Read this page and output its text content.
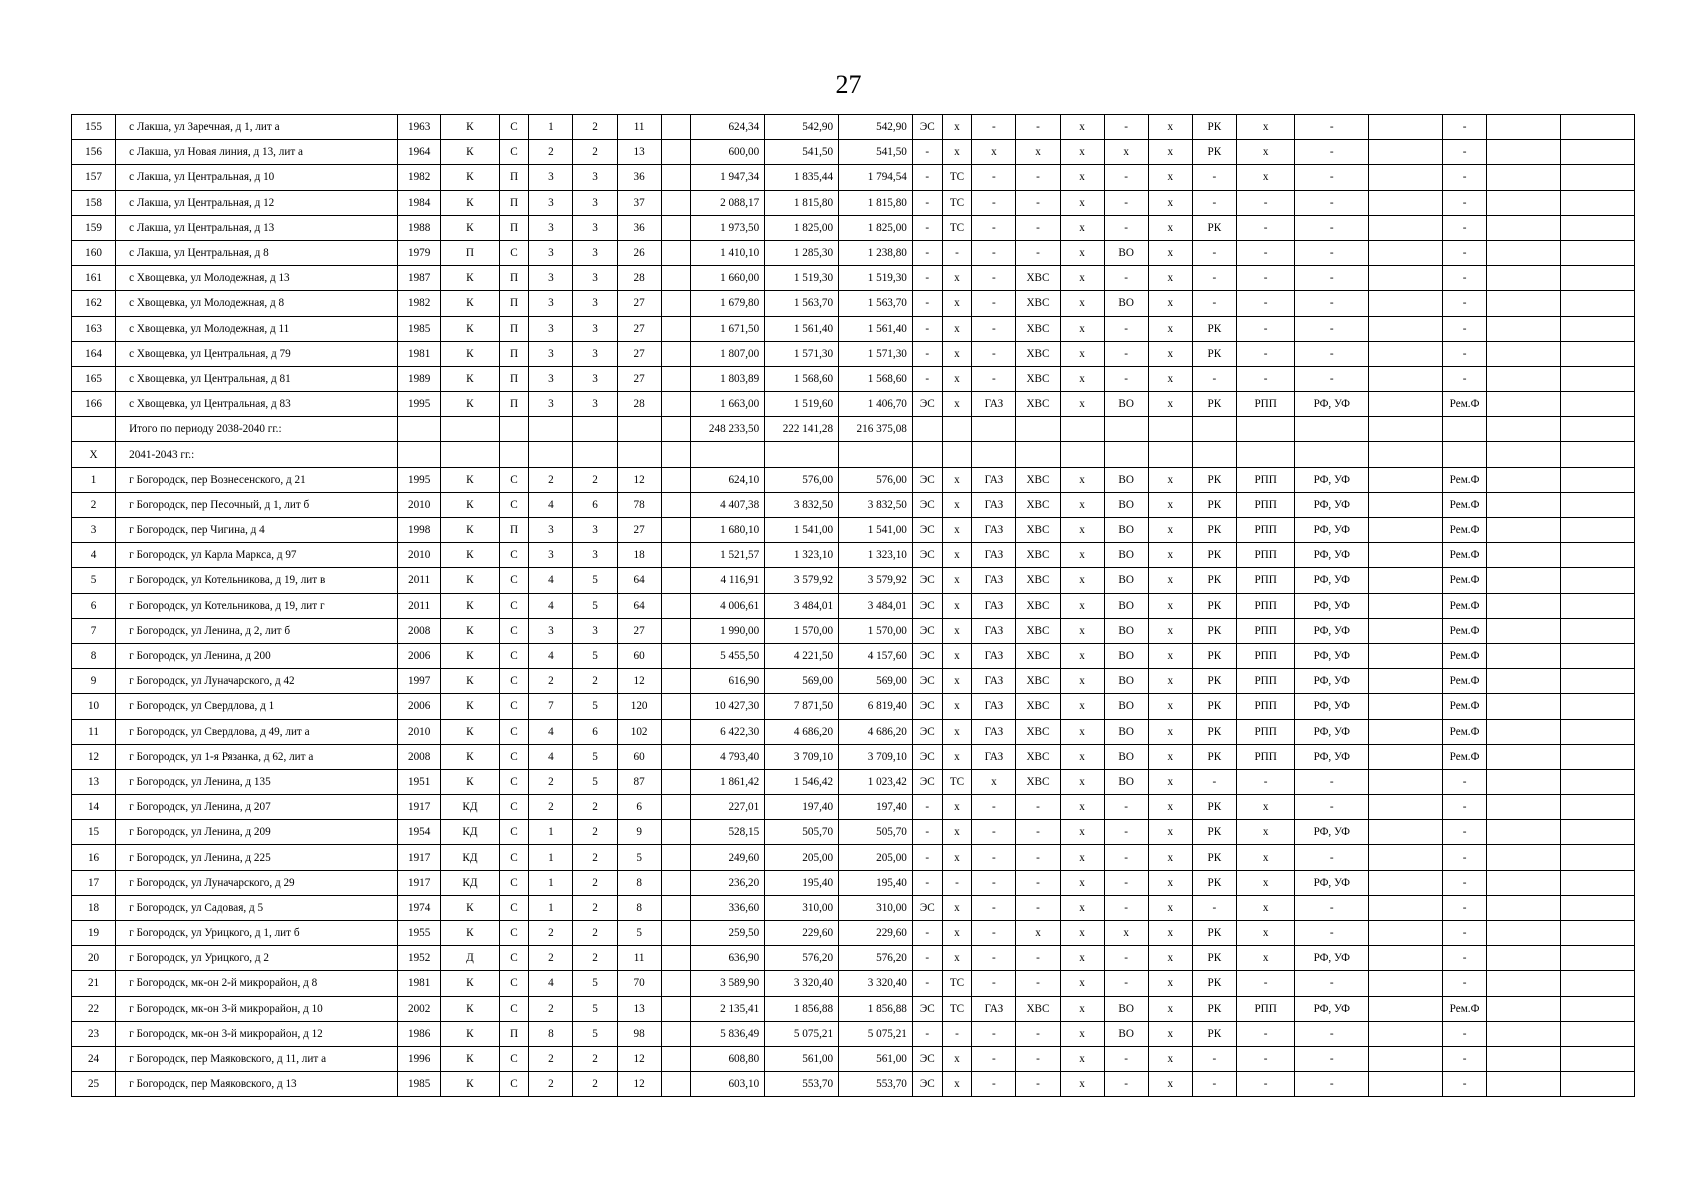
27
155	с Лакша, ул Заречная, д 1, лит а	1963	К	С	1	2	11		624,34	542,90	542,90	ЭС	х	-	-	х	-	х	РК	х	-		-		
156	с Лакша, ул Новая линия, д 13, лит а	1964	К	С	2	2	13		600,00	541,50	541,50	-	х	х	х	х	х	х	РК	х	-		-		
157	с Лакша, ул Центральная, д 10	1982	К	П	3	3	36		1 947,34	1 835,44	1 794,54	-	ТС	-	-	х	-	х	-	х	-		-		
158	с Лакша, ул Центральная, д 12	1984	К	П	3	3	37		2 088,17	1 815,80	1 815,80	-	ТС	-	-	х	-	х	-	-	-		-		
159	с Лакша, ул Центральная, д 13	1988	К	П	3	3	36		1 973,50	1 825,00	1 825,00	-	ТС	-	-	х	-	х	РК	-	-		-		
160	с Лакша, ул Центральная, д 8	1979	П	С	3	3	26		1 410,10	1 285,30	1 238,80	-	-	-	-	х	ВО	х	-	-	-		-		
161	с Хвощевка, ул Молодежная, д 13	1987	К	П	3	3	28		1 660,00	1 519,30	1 519,30	-	х	-	ХВС	х	-	х	-	-	-		-		
162	с Хвощевка, ул Молодежная, д 8	1982	К	П	3	3	27		1 679,80	1 563,70	1 563,70	-	х	-	ХВС	х	ВО	х	-	-	-		-		
163	с Хвощевка, ул Молодежная, д 11	1985	К	П	3	3	27		1 671,50	1 561,40	1 561,40	-	х	-	ХВС	х	-	х	РК	-	-		-		
164	с Хвощевка, ул Центральная, д 79	1981	К	П	3	3	27		1 807,00	1 571,30	1 571,30	-	х	-	ХВС	х	-	х	РК	-	-		-		
165	с Хвощевка, ул Центральная, д 81	1989	К	П	3	3	27		1 803,89	1 568,60	1 568,60	-	х	-	ХВС	х	-	х	-	-	-		-		
166	с Хвощевка, ул Центральная, д 83	1995	К	П	3	3	28		1 663,00	1 519,60	1 406,70	ЭС	х	ГАЗ	ХВС	х	ВО	х	РК	РПП	РФ, УФ		Рем.Ф		
	Итого по периоду 2038-2040 гг.:								248 233,50	222 141,28	216 375,08														
Х	2041-2043 гг.:																								
1	г Богородск, пер Вознесенского, д 21	1995	К	С	2	2	12		624,10	576,00	576,00	ЭС	х	ГАЗ	ХВС	х	ВО	х	РК	РПП	РФ, УФ		Рем.Ф		
2	г Богородск, пер Песочный, д 1, лит б	2010	К	С	4	6	78		4 407,38	3 832,50	3 832,50	ЭС	х	ГАЗ	ХВС	х	ВО	х	РК	РПП	РФ, УФ		Рем.Ф		
3	г Богородск, пер Чигина, д 4	1998	К	П	3	3	27		1 680,10	1 541,00	1 541,00	ЭС	х	ГАЗ	ХВС	х	ВО	х	РК	РПП	РФ, УФ		Рем.Ф		
4	г Богородск, ул Карла Маркса, д 97	2010	К	С	3	3	18		1 521,57	1 323,10	1 323,10	ЭС	х	ГАЗ	ХВС	х	ВО	х	РК	РПП	РФ, УФ		Рем.Ф		
5	г Богородск, ул Котельникова, д 19, лит в	2011	К	С	4	5	64		4 116,91	3 579,92	3 579,92	ЭС	х	ГАЗ	ХВС	х	ВО	х	РК	РПП	РФ, УФ		Рем.Ф		
6	г Богородск, ул Котельникова, д 19, лит г	2011	К	С	4	5	64		4 006,61	3 484,01	3 484,01	ЭС	х	ГАЗ	ХВС	х	ВО	х	РК	РПП	РФ, УФ		Рем.Ф		
7	г Богородск, ул Ленина, д 2, лит б	2008	К	С	3	3	27		1 990,00	1 570,00	1 570,00	ЭС	х	ГАЗ	ХВС	х	ВО	х	РК	РПП	РФ, УФ		Рем.Ф		
8	г Богородск, ул Ленина, д 200	2006	К	С	4	5	60		5 455,50	4 221,50	4 157,60	ЭС	х	ГАЗ	ХВС	х	ВО	х	РК	РПП	РФ, УФ		Рем.Ф		
9	г Богородск, ул Луначарского, д 42	1997	К	С	2	2	12		616,90	569,00	569,00	ЭС	х	ГАЗ	ХВС	х	ВО	х	РК	РПП	РФ, УФ		Рем.Ф		
10	г Богородск, ул Свердлова, д 1	2006	К	С	7	5	120		10 427,30	7 871,50	6 819,40	ЭС	х	ГАЗ	ХВС	х	ВО	х	РК	РПП	РФ, УФ		Рем.Ф		
11	г Богородск, ул Свердлова, д 49, лит а	2010	К	С	4	6	102		6 422,30	4 686,20	4 686,20	ЭС	х	ГАЗ	ХВС	х	ВО	х	РК	РПП	РФ, УФ		Рем.Ф		
12	г Богородск, ул 1-я Рязанка, д 62, лит а	2008	К	С	4	5	60		4 793,40	3 709,10	3 709,10	ЭС	х	ГАЗ	ХВС	х	ВО	х	РК	РПП	РФ, УФ		Рем.Ф		
13	г Богородск, ул Ленина, д 135	1951	К	С	2	5	87		1 861,42	1 546,42	1 023,42	ЭС	ТС	х	ХВС	х	ВО	х	-	-	-		-		
14	г Богородск, ул Ленина, д 207	1917	КД	С	2	2	6		227,01	197,40	197,40	-	х	-	-	х	-	х	РК	х	-		-		
15	г Богородск, ул Ленина, д 209	1954	КД	С	1	2	9		528,15	505,70	505,70	-	х	-	-	х	-	х	РК	х	РФ, УФ		-		
16	г Богородск, ул Ленина, д 225	1917	КД	С	1	2	5		249,60	205,00	205,00	-	х	-	-	х	-	х	РК	х	-		-		
17	г Богородск, ул Луначарского, д 29	1917	КД	С	1	2	8		236,20	195,40	195,40	-	-	-	-	х	-	х	РК	х	РФ, УФ		-		
18	г Богородск, ул Садовая, д 5	1974	К	С	1	2	8		336,60	310,00	310,00	ЭС	х	-	-	х	-	х	-	х	-		-		
19	г Богородск, ул Урицкого, д 1, лит б	1955	К	С	2	2	5		259,50	229,60	229,60	-	х	-	х	х	х	х	РК	х	-		-		
20	г Богородск, ул Урицкого, д 2	1952	Д	С	2	2	11		636,90	576,20	576,20	-	х	-	-	х	-	х	РК	х	РФ, УФ		-		
21	г Богородск, мк-он 2-й микрорайон, д 8	1981	К	С	4	5	70		3 589,90	3 320,40	3 320,40	-	ТС	-	-	х	-	х	РК	-	-		-		
22	г Богородск, мк-он 3-й микрорайон, д 10	2002	К	С	2	5	13		2 135,41	1 856,88	1 856,88	ЭС	ТС	ГАЗ	ХВС	х	ВО	х	РК	РПП	РФ, УФ		Рем.Ф		
23	г Богородск, мк-он 3-й микрорайон, д 12	1986	К	П	8	5	98		5 836,49	5 075,21	5 075,21	-	-	-	-	х	ВО	х	РК	-	-		-		
24	г Богородск, пер Маяковского, д 11, лит а	1996	К	С	2	2	12		608,80	561,00	561,00	ЭС	х	-	-	х	-	х	-	-	-		-		
25	г Богородск, пер Маяковского, д 13	1985	К	С	2	2	12		603,10	553,70	553,70	ЭС	х	-	-	х	-	х	-	-	-		-		
